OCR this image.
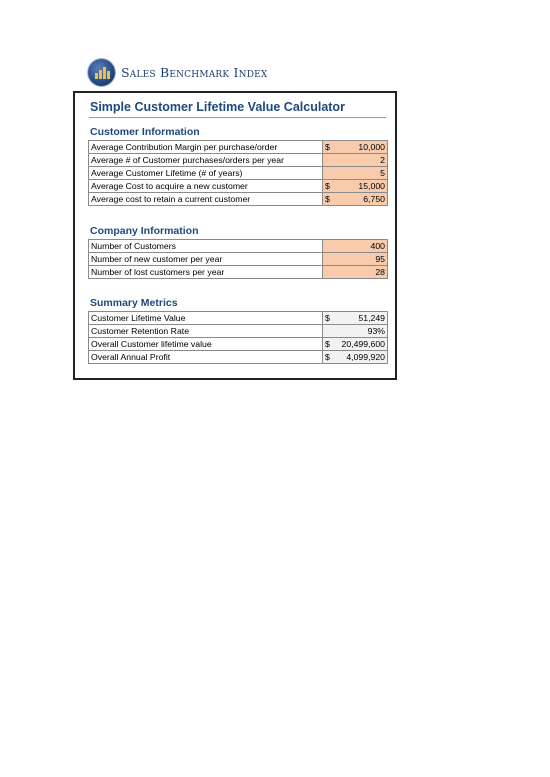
Sales Benchmark Index
Simple Customer Lifetime Value Calculator
Customer Information
Average Contribution Margin per purchase/order	$ 10,000

Average # of Customer purchases/orders per year	2

Average Customer Lifetime (# of years)	5

Average Cost to acquire a new customer	$ 15,000

Average cost to retain a current customer	$ 6,750
Company Information
Number of Customers	400

Number of new customer per year	95

Number of lost customers per year	28
Summary Metrics
Customer Lifetime Value	$ 51,249

Customer Retention Rate	93%

Overall Customer lifetime value	$ 20,499,600

Overall Annual Profit	$ 4,099,920
